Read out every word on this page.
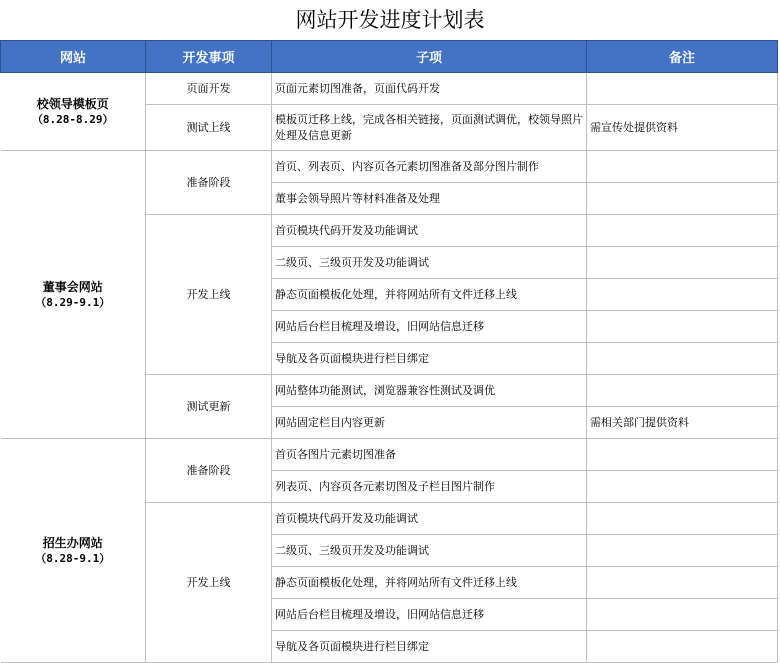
网站开发进度计划表
网站	开发事项	子项	备注
校领导模板页
（8.28-8.29）	页面开发	页面元素切图准备，页面代码开发	
	测试上线	模板页迁移上线，完成各相关链接，页面测试调优，校领导照片处理及信息更新	需宣传处提供资料
董事会网站
（8.29-9.1）	准备阶段	首页、列表页、内容页各元素切图准备及部分图片制作	
		董事会领导照片等材料准备及处理	
	开发上线	首页模块代码开发及功能调试	
		二级页、三级页开发及功能调试	
		静态页面模板化处理，并将网站所有文件迁移上线	
		网站后台栏目梳理及增设，旧网站信息迁移	
		导航及各页面模块进行栏目绑定	
	测试更新	网站整体功能测试，浏览器兼容性测试及调优	
		网站固定栏目内容更新	需相关部门提供资料
招生办网站
（8.28-9.1）	准备阶段	首页各图片元素切图准备	
		列表页、内容页各元素切图及子栏目图片制作	
	开发上线	首页模块代码开发及功能调试	
		二级页、三级页开发及功能调试	
		静态页面模板化处理，并将网站所有文件迁移上线	
		网站后台栏目梳理及增设，旧网站信息迁移	
		导航及各页面模块进行栏目绑定	
